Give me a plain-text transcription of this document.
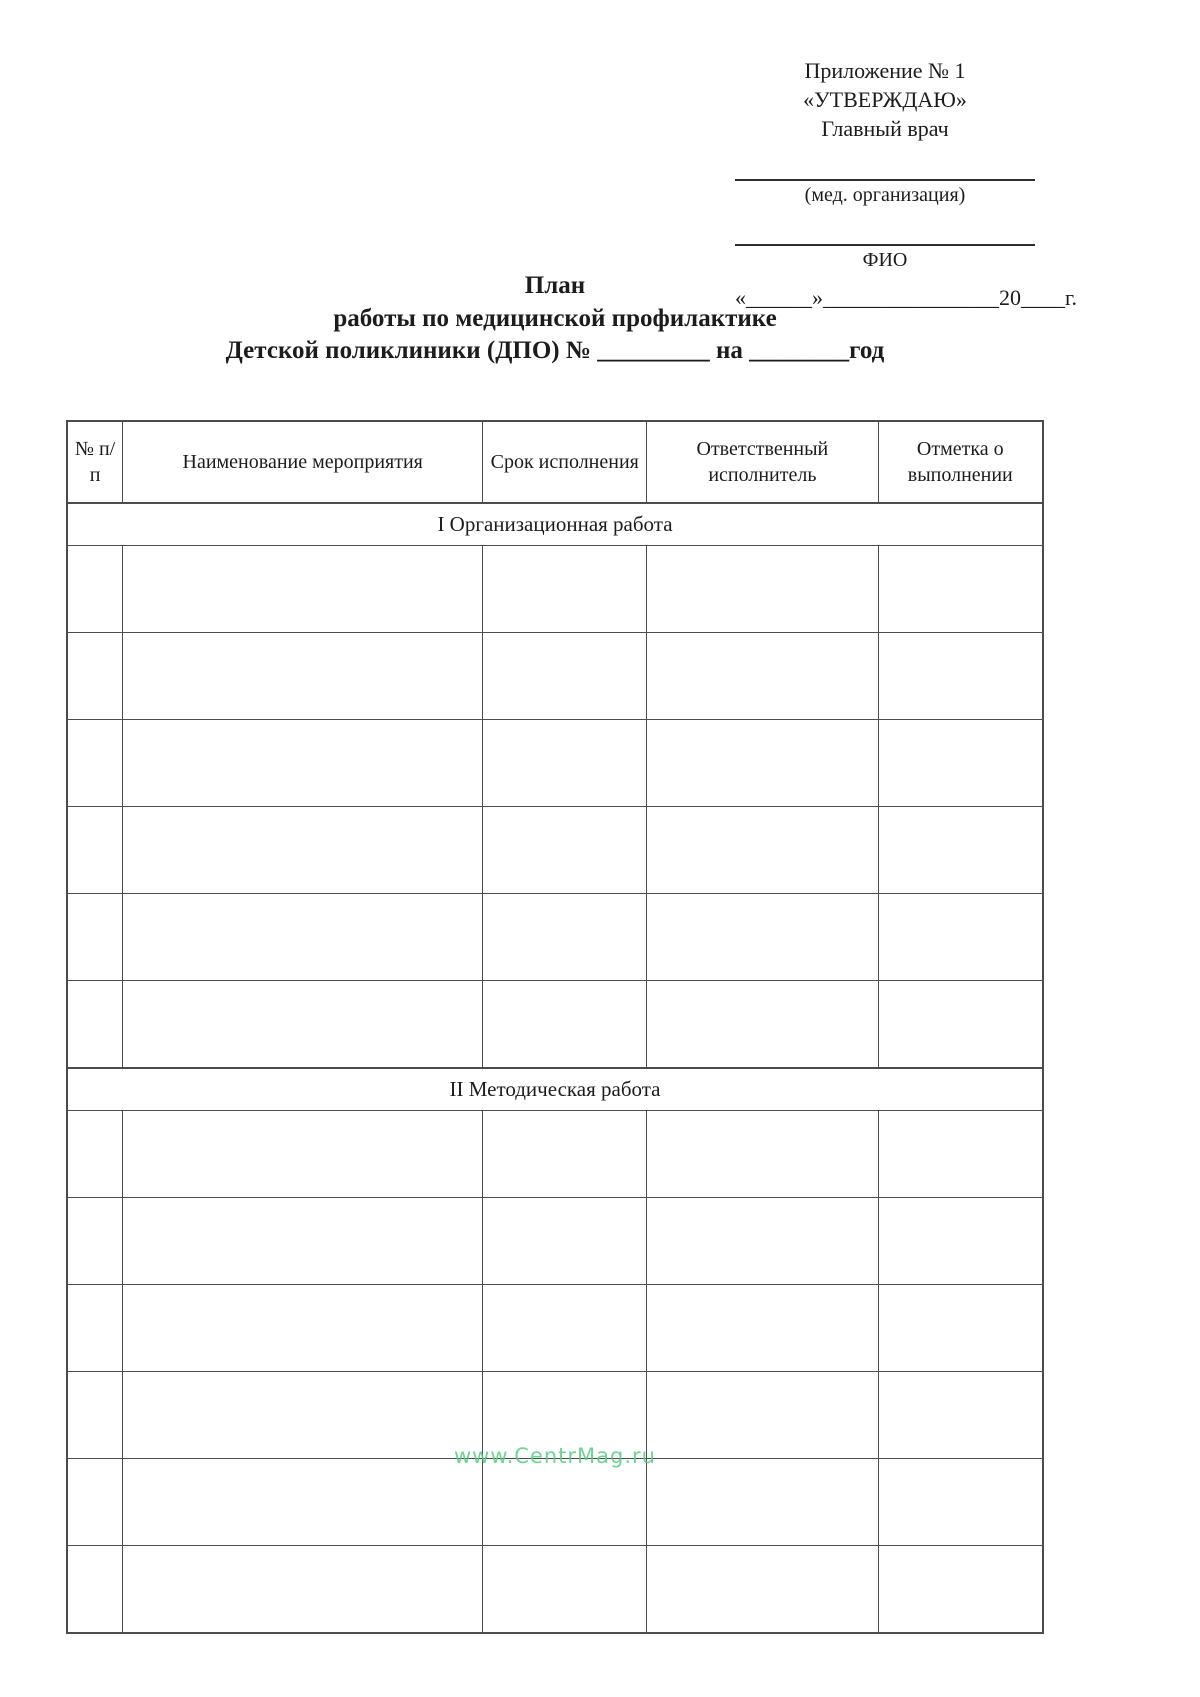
Приложение № 1
«УТВЕРЖДАЮ»
Главный врач
(мед. организация)
ФИО
«______»________________20____г.
План
работы по медицинской профилактике
Детской поликлиники (ДПО) № _________ на ________год
№ п/п	Наименование мероприятия	Срок исполнения	Ответственный исполнитель	Отметка о выполнении
I Организационная работа				

II Методическая работа				

www.CentrMag.ru
